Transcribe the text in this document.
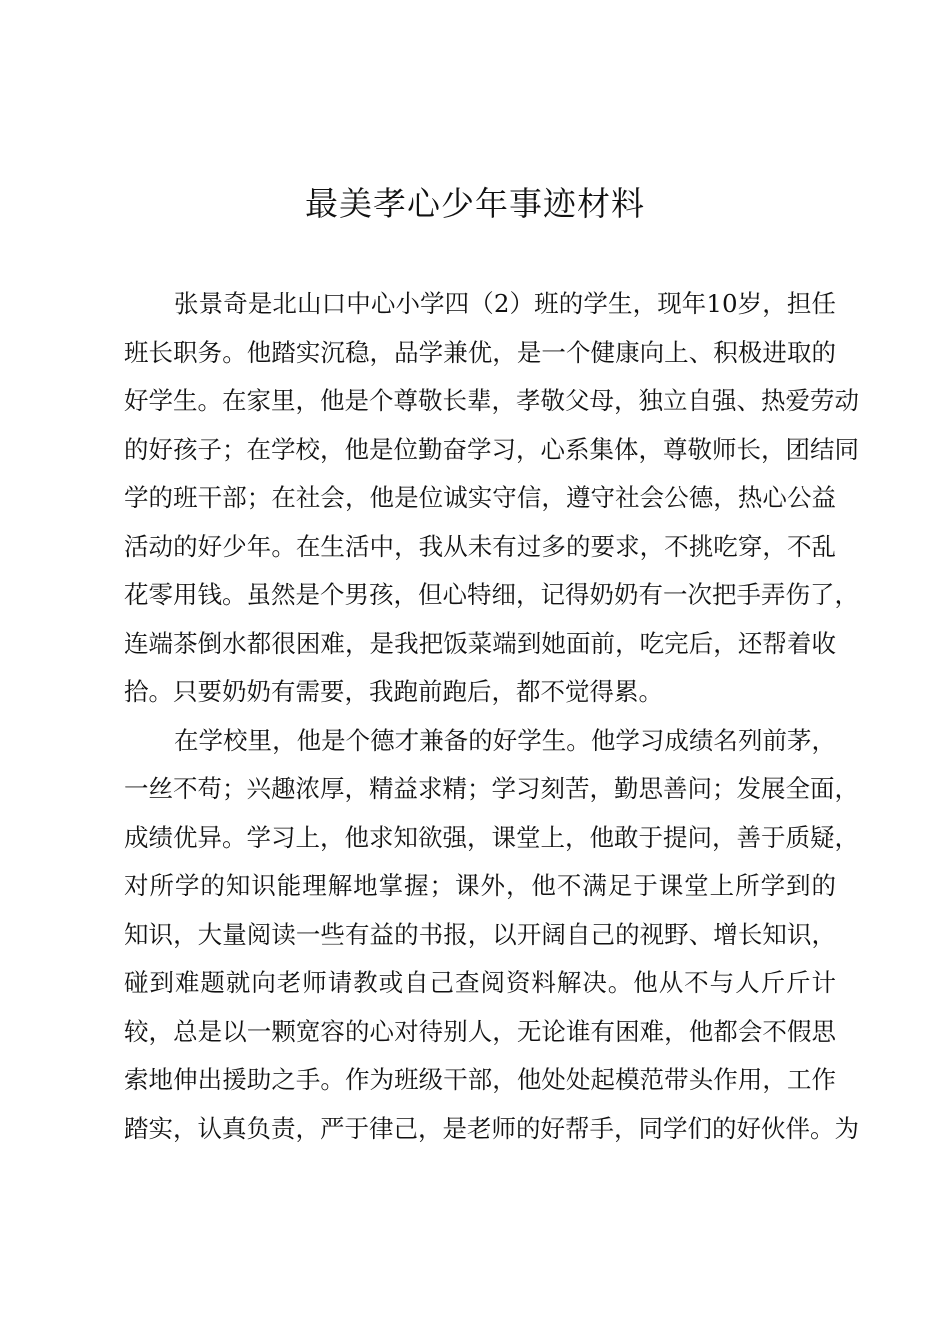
最美孝心少年事迹材料
张景奇是北山口中心小学四（2）班的学生，现年10岁，担任
班长职务。他踏实沉稳，品学兼优，是一个健康向上、积极进取的
好学生。在家里，他是个尊敬长辈，孝敬父母，独立自强、热爱劳动
的好孩子；在学校，他是位勤奋学习，心系集体，尊敬师长，团结同
学的班干部；在社会，他是位诚实守信，遵守社会公德，热心公益
活动的好少年。在生活中，我从未有过多的要求，不挑吃穿，不乱
花零用钱。虽然是个男孩，但心特细，记得奶奶有一次把手弄伤了，
连端茶倒水都很困难，是我把饭菜端到她面前，吃完后，还帮着收
拾。只要奶奶有需要，我跑前跑后，都不觉得累。
在学校里，他是个德才兼备的好学生。他学习成绩名列前茅，
一丝不苟；兴趣浓厚，精益求精；学习刻苦，勤思善问；发展全面，
成绩优异。学习上，他求知欲强，课堂上，他敢于提问，善于质疑，
对所学的知识能理解地掌握；课外，他不满足于课堂上所学到的
知识，大量阅读一些有益的书报，以开阔自己的视野、增长知识，
碰到难题就向老师请教或自己查阅资料解决。他从不与人斤斤计
较，总是以一颗宽容的心对待别人，无论谁有困难，他都会不假思
索地伸出援助之手。作为班级干部，他处处起模范带头作用，工作
踏实，认真负责，严于律己，是老师的好帮手，同学们的好伙伴。为
